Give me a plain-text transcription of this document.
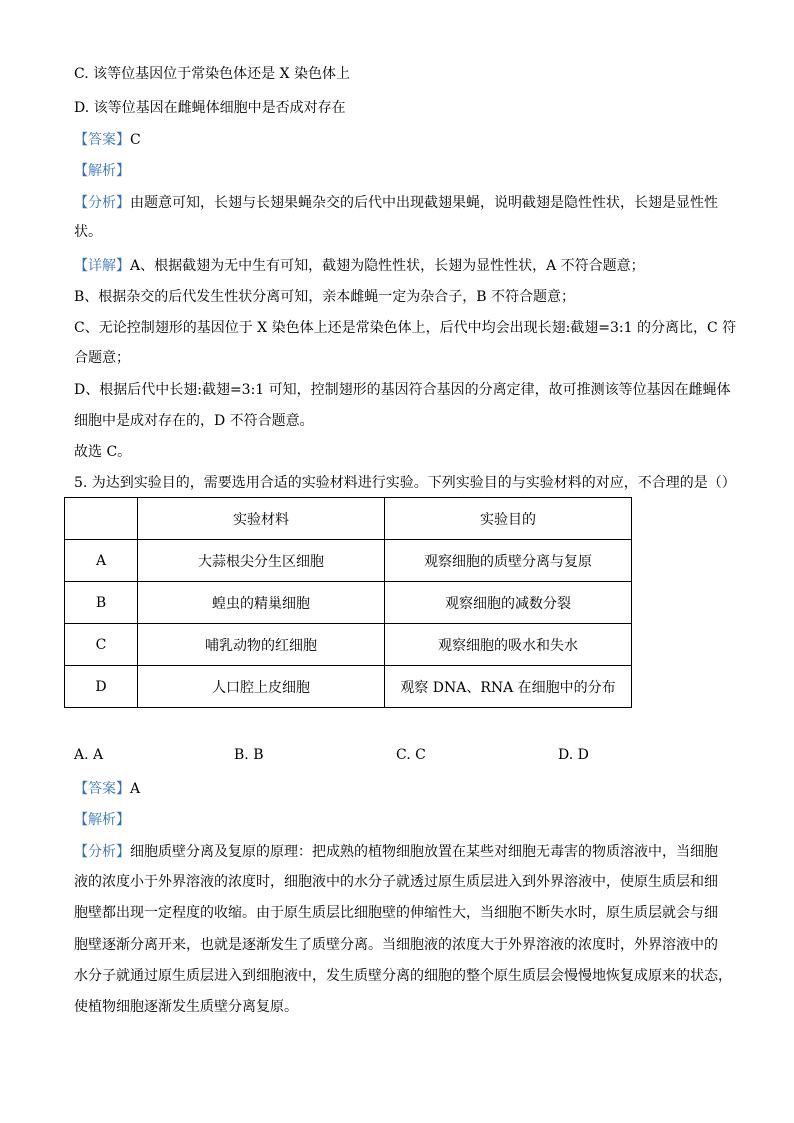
C. 该等位基因位于常染色体还是 X 染色体上
D. 该等位基因在雌蝇体细胞中是否成对存在
【答案】C
【解析】
【分析】由题意可知，长翅与长翅果蝇杂交的后代中出现截翅果蝇，说明截翅是隐性性状，长翅是显性性
状。
【详解】A、根据截翅为无中生有可知，截翅为隐性性状，长翅为显性性状，A 不符合题意；
B、根据杂交的后代发生性状分离可知，亲本雌蝇一定为杂合子，B 不符合题意；
C、无论控制翅形的基因位于 X 染色体上还是常染色体上，后代中均会出现长翅:截翅=3:1 的分离比，C 符
合题意；
D、根据后代中长翅:截翅=3:1 可知，控制翅形的基因符合基因的分离定律，故可推测该等位基因在雌蝇体
细胞中是成对存在的，D 不符合题意。
故选 C。
5. 为达到实验目的，需要选用合适的实验材料进行实验。下列实验目的与实验材料的对应，不合理的是（）
	实验材料	实验目的
A	大蒜根尖分生区细胞	观察细胞的质壁分离与复原
B	蝗虫的精巢细胞	观察细胞的减数分裂
C	哺乳动物的红细胞	观察细胞的吸水和失水
D	人口腔上皮细胞	观察 DNA、RNA 在细胞中的分布
A. A	B. B	C. C	D. D
【答案】A
【解析】
【分析】细胞质壁分离及复原的原理：把成熟的植物细胞放置在某些对细胞无毒害的物质溶液中，当细胞
液的浓度小于外界溶液的浓度时，细胞液中的水分子就透过原生质层进入到外界溶液中，使原生质层和细
胞壁都出现一定程度的收缩。由于原生质层比细胞壁的伸缩性大，当细胞不断失水时，原生质层就会与细
胞壁逐渐分离开来，也就是逐渐发生了质壁分离。当细胞液的浓度大于外界溶液的浓度时，外界溶液中的
水分子就通过原生质层进入到细胞液中，发生质壁分离的细胞的整个原生质层会慢慢地恢复成原来的状态，
使植物细胞逐渐发生质壁分离复原。
